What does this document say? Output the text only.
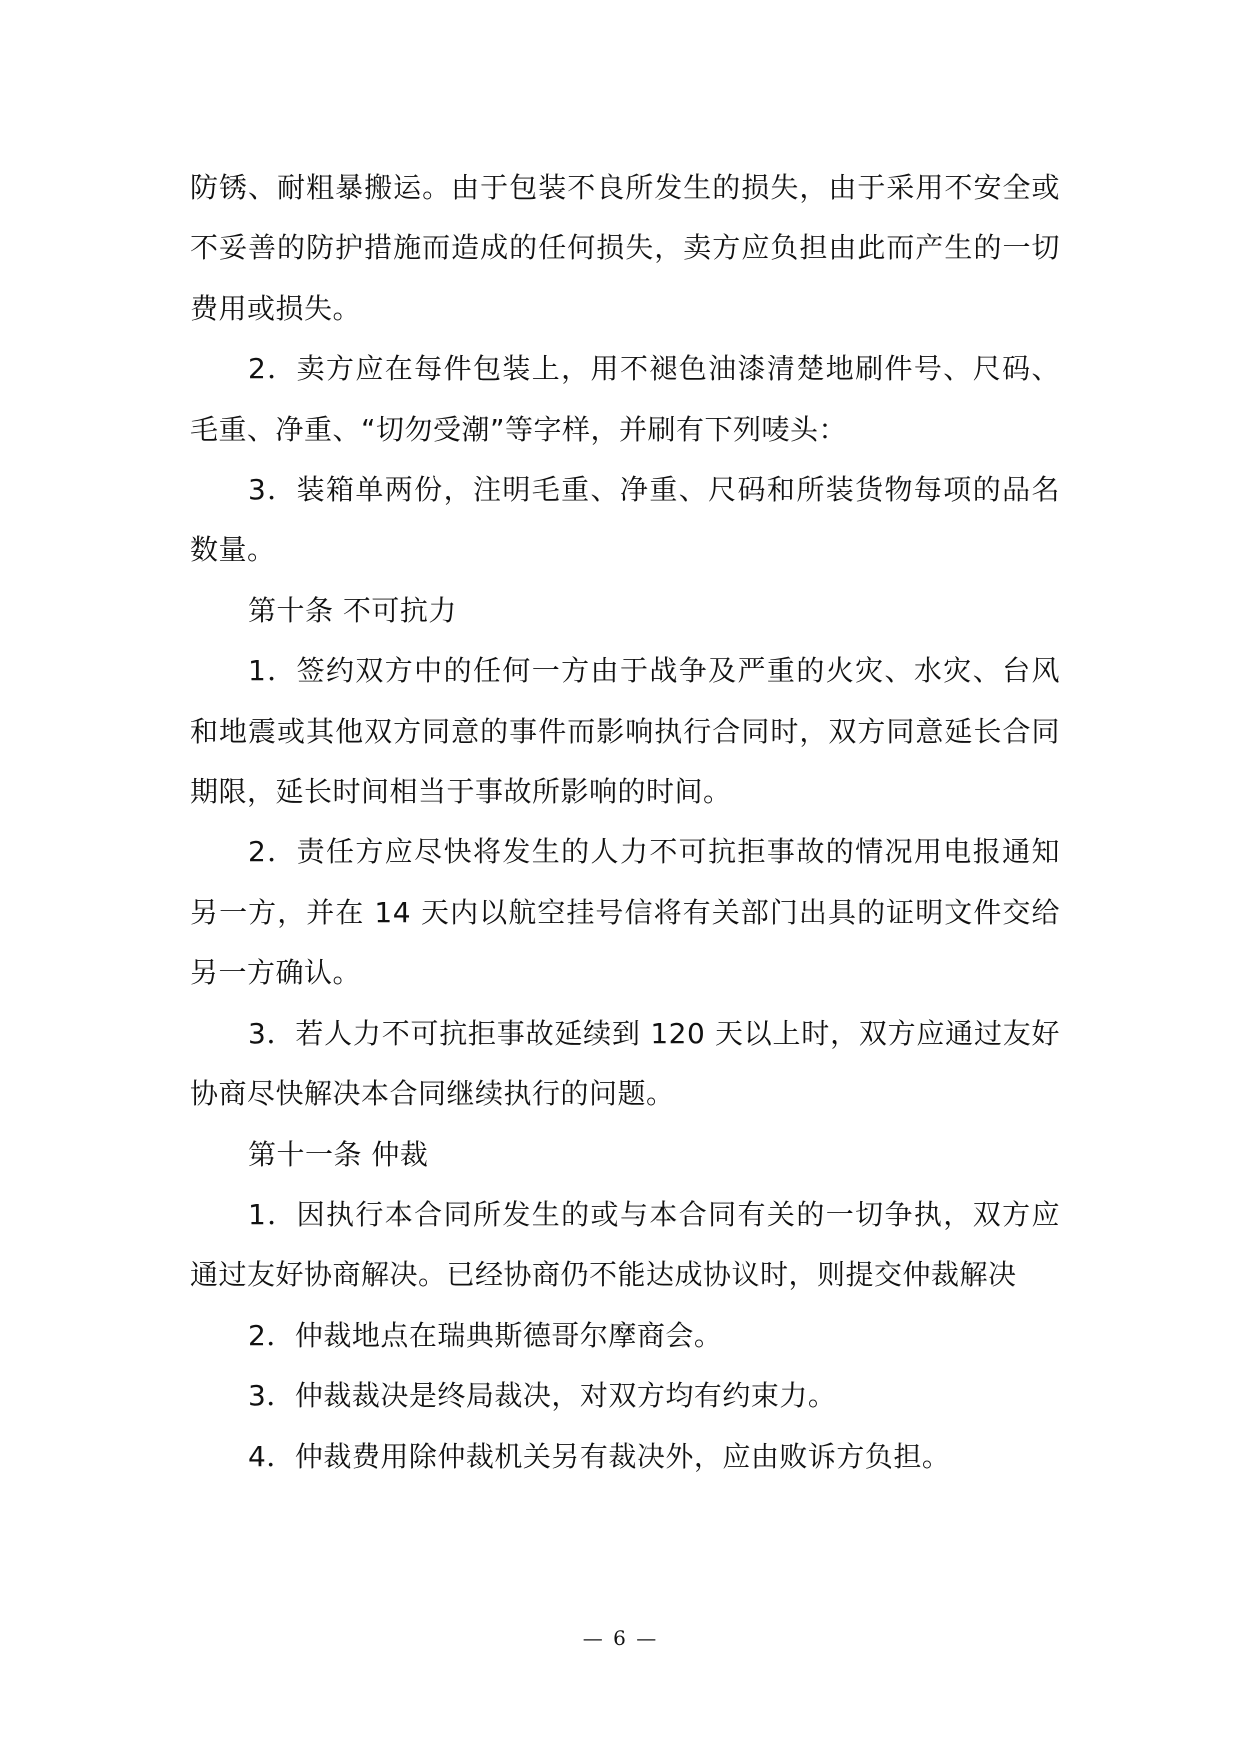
防锈、耐粗暴搬运。由于包装不良所发生的损失，由于采用不安全或不妥善的防护措施而造成的任何损失，卖方应负担由此而产生的一切费用或损失。

2．卖方应在每件包装上，用不褪色油漆清楚地刷件号、尺码、毛重、净重、“切勿受潮”等字样，并刷有下列唛头：

3．装箱单两份，注明毛重、净重、尺码和所装货物每项的品名数量。

第十条 不可抗力

1．签约双方中的任何一方由于战争及严重的火灾、水灾、台风和地震或其他双方同意的事件而影响执行合同时，双方同意延长合同期限，延长时间相当于事故所影响的时间。

2．责任方应尽快将发生的人力不可抗拒事故的情况用电报通知另一方，并在 14 天内以航空挂号信将有关部门出具的证明文件交给另一方确认。

3．若人力不可抗拒事故延续到 120 天以上时，双方应通过友好协商尽快解决本合同继续执行的问题。

第十一条 仲裁

1．因执行本合同所发生的或与本合同有关的一切争执，双方应通过友好协商解决。已经协商仍不能达成协议时，则提交仲裁解决

2．仲裁地点在瑞典斯德哥尔摩商会。

3．仲裁裁决是终局裁决，对双方均有约束力。

4．仲裁费用除仲裁机关另有裁决外，应由败诉方负担。

— 6 —
